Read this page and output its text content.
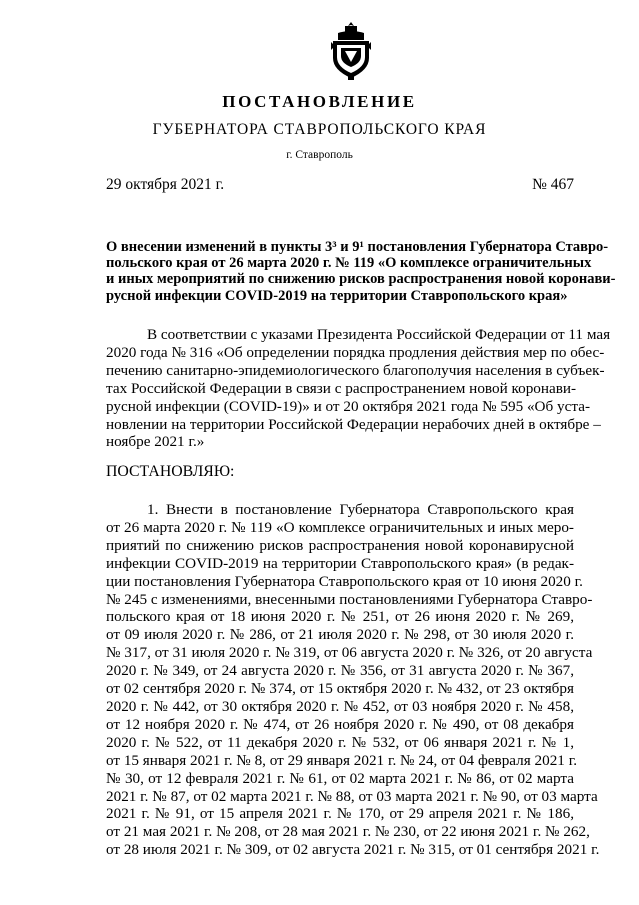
ПОСТАНОВЛЕНИЕ
ГУБЕРНАТОРА СТАВРОПОЛЬСКОГО КРАЯ
г. Ставрополь
29 октября 2021 г.	№ 467
О внесении изменений в пункты 3³ и 9¹ постановления Губернатора Ставро-
польского края от 26 марта 2020 г. № 119 «О комплексе ограничительных
и иных мероприятий по снижению рисков распространения новой коронави-
русной инфекции COVID-2019 на территории Ставропольского края»
В соответствии с указами Президента Российской Федерации от 11 мая
2020 года № 316 «Об определении порядка продления действия мер по обес-
печению санитарно-эпидемиологического благополучия населения в субъек-
тах Российской Федерации в связи с распространением новой коронави-
русной инфекции (COVID-19)» и от 20 октября 2021 года № 595 «Об уста-
новлении на территории Российской Федерации нерабочих дней в октябре –
ноябре 2021 г.»
ПОСТАНОВЛЯЮ:
1. Внести в постановление Губернатора Ставропольского края
от 26 марта 2020 г. № 119 «О комплексе ограничительных и иных меро-
приятий по снижению рисков распространения новой коронавирусной
инфекции COVID-2019 на территории Ставропольского края» (в редак-
ции постановления Губернатора Ставропольского края от 10 июня 2020 г.
№ 245 с изменениями, внесенными постановлениями Губернатора Ставро-
польского края от 18 июня 2020 г. № 251, от 26 июня 2020 г. № 269,
от 09 июля 2020 г. № 286, от 21 июля 2020 г. № 298, от 30 июля 2020 г.
№ 317, от 31 июля 2020 г. № 319, от 06 августа 2020 г. № 326, от 20 августа
2020 г. № 349, от 24 августа 2020 г. № 356, от 31 августа 2020 г. № 367,
от 02 сентября 2020 г. № 374, от 15 октября 2020 г. № 432, от 23 октября
2020 г. № 442, от 30 октября 2020 г. № 452, от 03 ноября 2020 г. № 458,
от 12 ноября 2020 г. № 474, от 26 ноября 2020 г. № 490, от 08 декабря
2020 г. № 522, от 11 декабря 2020 г. № 532, от 06 января 2021 г. № 1,
от 15 января 2021 г. № 8, от 29 января 2021 г. № 24, от 04 февраля 2021 г.
№ 30, от 12 февраля 2021 г. № 61, от 02 марта 2021 г. № 86, от 02 марта
2021 г. № 87, от 02 марта 2021 г. № 88, от 03 марта 2021 г. № 90, от 03 марта
2021 г. № 91, от 15 апреля 2021 г. № 170, от 29 апреля 2021 г. № 186,
от 21 мая 2021 г. № 208, от 28 мая 2021 г. № 230, от 22 июня 2021 г. № 262,
от 28 июля 2021 г. № 309, от 02 августа 2021 г. № 315, от 01 сентября 2021 г.
